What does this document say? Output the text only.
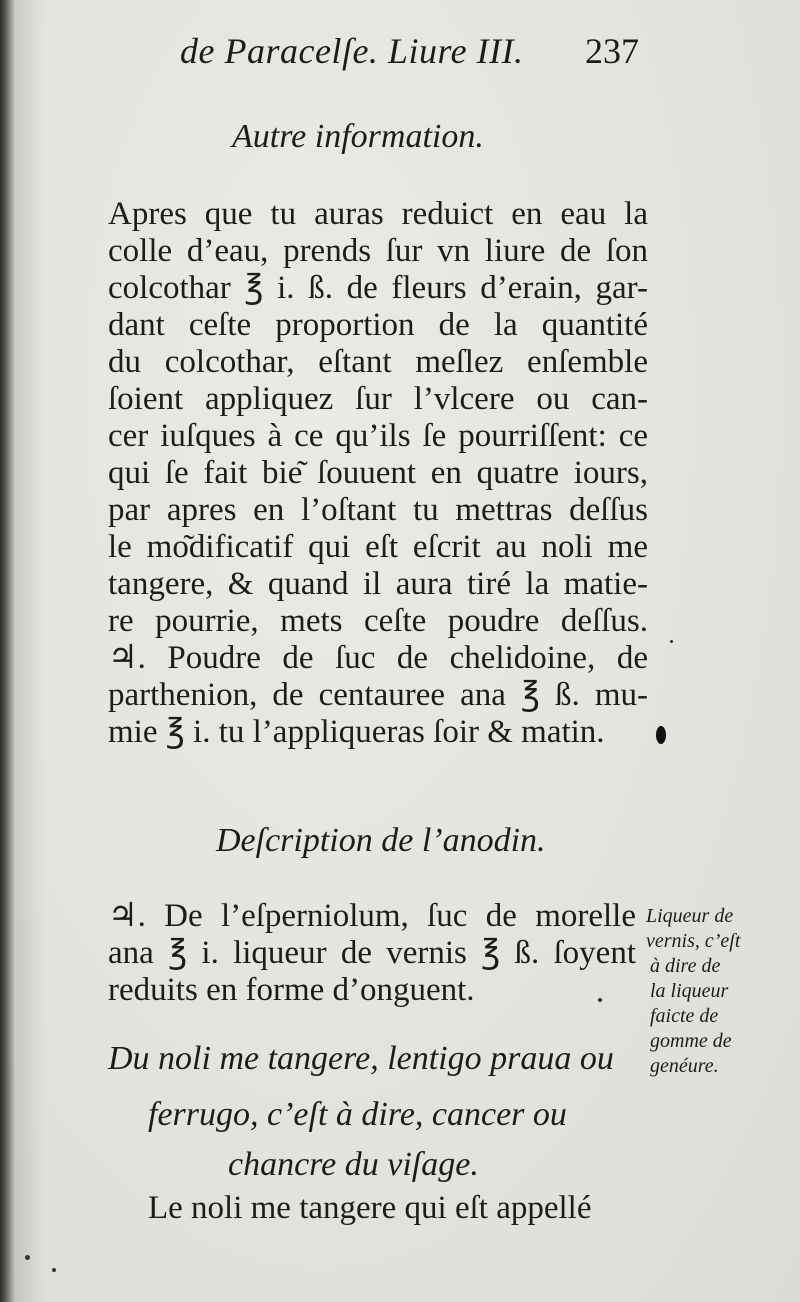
de Paracelſe. Liure III. 237
Autre information.
Apres que tu auras reduict en eau la
colle d’eau, prends ſur vn liure de ſon
colcothar ℥ i. ß. de fleurs d’erain, gar-
dant ceſte proportion de la quantité
du colcothar, eſtant meſlez enſemble
ſoient appliquez ſur l’vlcere ou can-
cer iuſques à ce qu’ils ſe pourriſſent: ce
qui ſe fait bie͂ ſouuent en quatre iours,
par apres en l’oſtant tu mettras deſſus
le mo͂dificatif qui eſt eſcrit au noli me
tangere, & quand il aura tiré la matie-
re pourrie, mets ceſte poudre deſſus.
♃. Poudre de ſuc de chelidoine, de
parthenion, de centauree ana ℥ ß. mu-
mie ℥ i. tu l’appliqueras ſoir & matin.
Deſcription de l’anodin.
♃. De l’eſperniolum, ſuc de morelle
ana ℥ i. liqueur de vernis ℥ ß. ſoyent
reduits en forme d’onguent.
Liqueur de
vernis, c’eſt
à dire de
la liqueur
faicte de
gomme de
genéure.
Du noli me tangere, lentigo praua ou
ferrugo, c’eſt à dire, cancer ou
chancre du viſage.
Le noli me tangere qui eſt appellé
